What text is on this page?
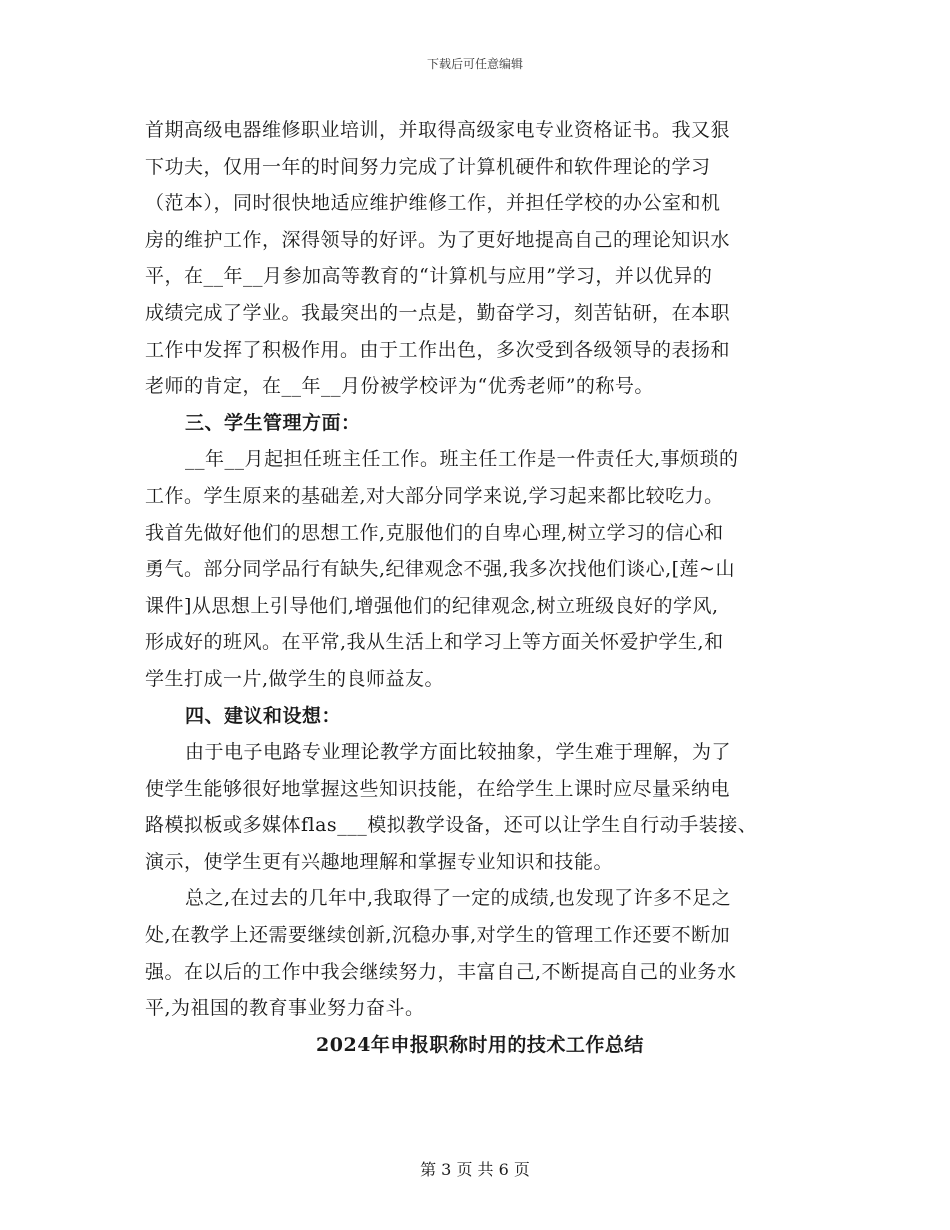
下载后可任意编辑
首期高级电器维修职业培训，并取得高级家电专业资格证书。我又狠
下功夫，仅用一年的时间努力完成了计算机硬件和软件理论的学习
（范本），同时很快地适应维护维修工作，并担任学校的办公室和机
房的维护工作，深得领导的好评。为了更好地提高自己的理论知识水
平，在__年__月参加高等教育的“计算机与应用”学习，并以优异的
成绩完成了学业。我最突出的一点是，勤奋学习，刻苦钻研，在本职
工作中发挥了积极作用。由于工作出色，多次受到各级领导的表扬和
老师的肯定，在__年__月份被学校评为“优秀老师”的称号。
三、学生管理方面：
__年__月起担任班主任工作。班主任工作是一件责任大,事烦琐的
工作。学生原来的基础差,对大部分同学来说,学习起来都比较吃力。
我首先做好他们的思想工作,克服他们的自卑心理,树立学习的信心和
勇气。部分同学品行有缺失,纪律观念不强,我多次找他们谈心,[莲~山
课件]从思想上引导他们,增强他们的纪律观念,树立班级良好的学风,
形成好的班风。在平常,我从生活上和学习上等方面关怀爱护学生,和
学生打成一片,做学生的良师益友。
四、建议和设想：
由于电子电路专业理论教学方面比较抽象，学生难于理解，为了
使学生能够很好地掌握这些知识技能，在给学生上课时应尽量采纳电
路模拟板或多媒体flas___模拟教学设备，还可以让学生自行动手装接、
演示，使学生更有兴趣地理解和掌握专业知识和技能。
总之,在过去的几年中,我取得了一定的成绩,也发现了许多不足之
处,在教学上还需要继续创新,沉稳办事,对学生的管理工作还要不断加
强。在以后的工作中我会继续努力，丰富自己,不断提高自己的业务水
平,为祖国的教育事业努力奋斗。
2024年申报职称时用的技术工作总结
第 3 页 共 6 页
